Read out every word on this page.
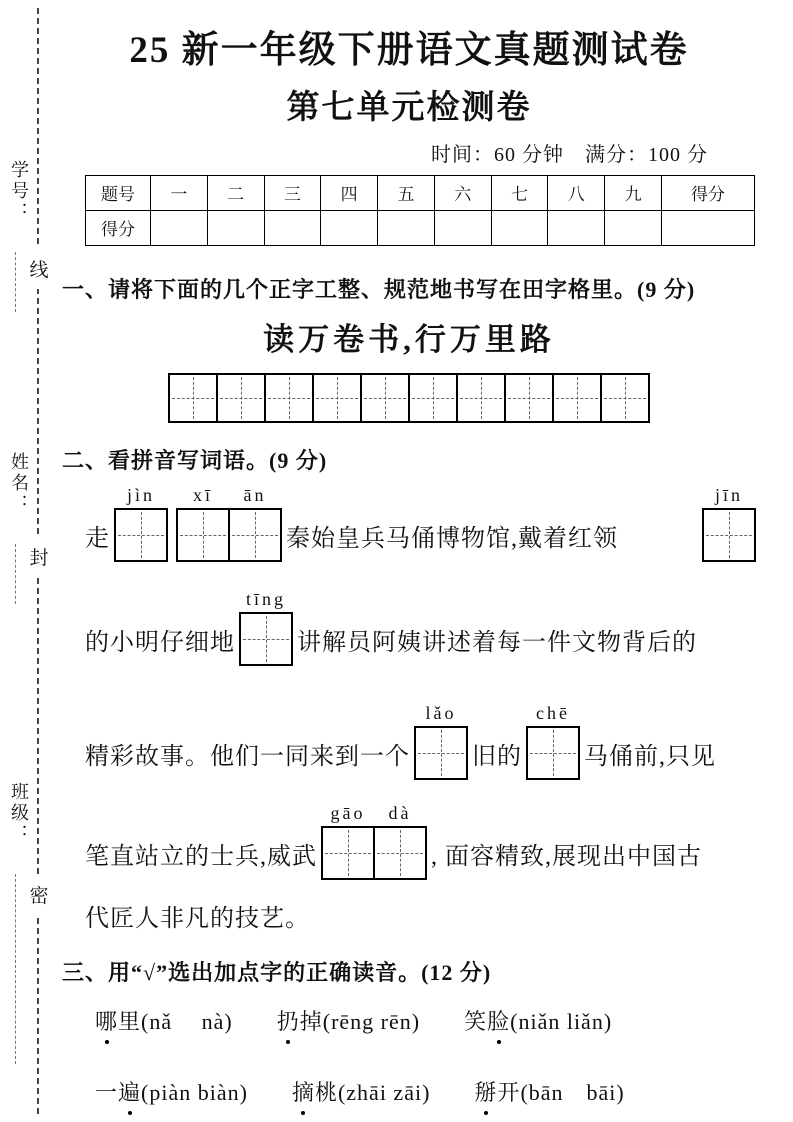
线
封
密
学号：
姓名：
班级：
25 新一年级下册语文真题测试卷
第七单元检测卷
时间：60 分钟　满分：100 分
题号	一	二	三	四	五	六	七	八	九	得分
得分										
一、请将下面的几个正字工整、规范地书写在田字格里。(9 分)
读万卷书,行万里路
二、看拼音写词语。(9 分)
走
jìn	xī	ān
秦始皇兵马俑博物馆,戴着红领
jīn
的小明仔细地
tīng
讲解员阿姨讲述着每一件文物背后的
精彩故事。他们一同来到一个
lǎo
旧的
chē
马俑前,只见
笔直站立的士兵,威武
gāo	dà
, 面容精致,展现出中国古
代匠人非凡的技艺。
三、用“√”选出加点字的正确读音。(12 分)
哪里(nǎ　 nà) 扔掉(rēng rēn) 笑脸(niǎn liǎn)
一遍(piàn biàn) 摘桃(zhāi zāi) 掰开(bān　bāi)
